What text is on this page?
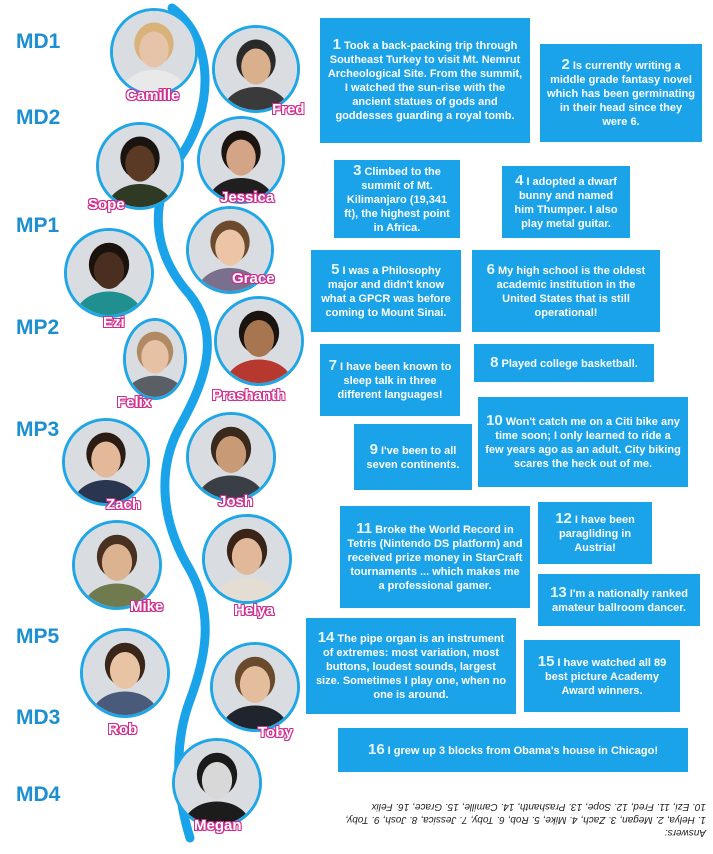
MD1
MD2
MP1
MP2
MP3
MP5
MD3
MD4
Camille
Fred
Sope	Jessica
Grace
Ezi
Prashanth
Felix
Zach	Josh
Mike	Helya
Rob	Toby
Megan
1 Took a back-packing trip through Southeast Turkey to visit Mt. Nemrut Archeological Site. From the summit, I watched the sun-rise with the ancient statues of gods and goddesses guarding a royal tomb.
2 Is currently writing a middle grade fantasy novel which has been germinating in their head since they were 6.
3 Climbed to the summit of Mt. Kilimanjaro (19,341 ft), the highest point in Africa.
4 I adopted a dwarf bunny and named him Thumper. I also play metal guitar.
5 I was a Philosophy major and didn't know what a GPCR was before coming to Mount Sinai.
6 My high school is the oldest academic institution in the United States that is still operational!
7 I have been known to sleep talk in three different languages!
8 Played college basketball.
9 I've been to all seven continents.
10 Won't catch me on a Citi bike any time soon; I only learned to ride a few years ago as an adult. City biking scares the heck out of me.
11 Broke the World Record in Tetris (Nintendo DS platform) and received prize money in StarCraft tournaments ... which makes me a professional gamer.
12 I have been paragliding in Austria!
13 I'm a nationally ranked amateur ballroom dancer.
14 The pipe organ is an instrument of extremes: most variation, most buttons, loudest sounds, largest size. Sometimes I play one, when no one is around.
15 I have watched all 89 best picture Academy Award winners.
16 I grew up 3 blocks from Obama's house in Chicago!
Answers:
1. Helya, 2. Megan, 3. Zach, 4. Mike, 5. Rob, 6. Toby, 7. Jessica, 8. Josh, 9. Toby,
10. Ezi, 11. Fred, 12. Sope, 13. Prashanth, 14. Camille, 15. Grace, 16. Felix
